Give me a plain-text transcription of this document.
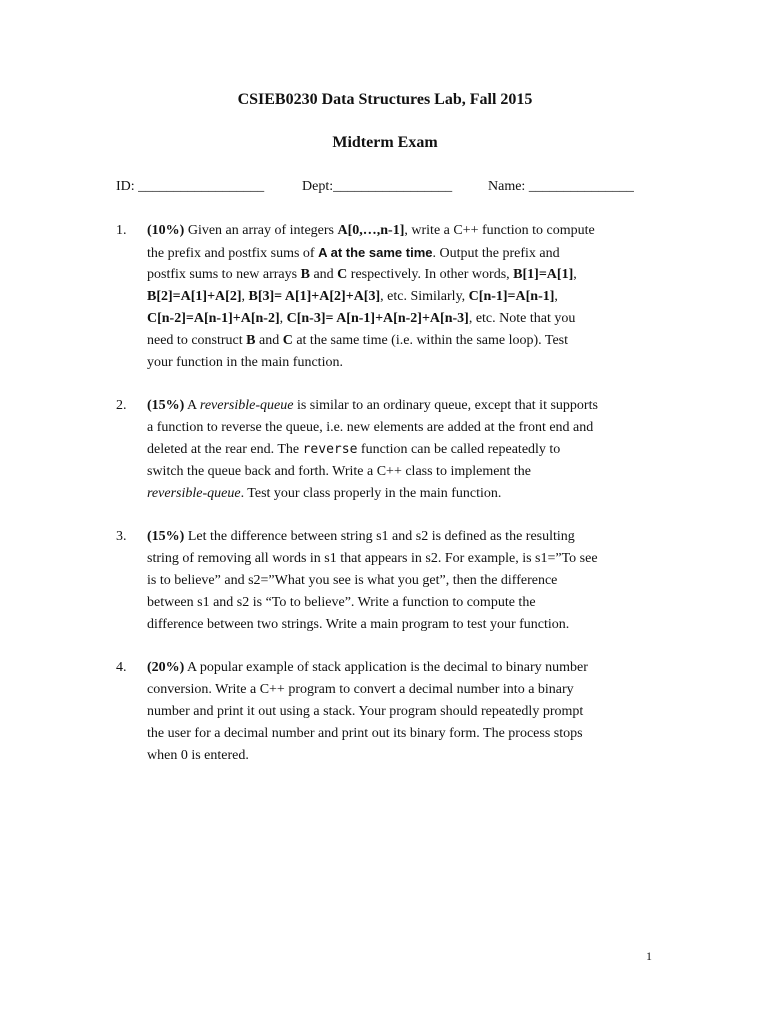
CSIEB0230 Data Structures Lab, Fall 2015
Midterm Exam
ID: __________________	Dept:_________________	Name: _______________
1. (10%) Given an array of integers A[0,…,n-1], write a C++ function to compute
the prefix and postfix sums of A at the same time. Output the prefix and
postfix sums to new arrays B and C respectively. In other words, B[1]=A[1],
B[2]=A[1]+A[2], B[3]= A[1]+A[2]+A[3], etc. Similarly, C[n-1]=A[n-1],
C[n-2]=A[n-1]+A[n-2], C[n-3]= A[n-1]+A[n-2]+A[n-3], etc. Note that you
need to construct B and C at the same time (i.e. within the same loop). Test
your function in the main function.
2. (15%) A reversible-queue is similar to an ordinary queue, except that it supports
a function to reverse the queue, i.e. new elements are added at the front end and
deleted at the rear end. The reverse function can be called repeatedly to
switch the queue back and forth. Write a C++ class to implement the
reversible-queue. Test your class properly in the main function.
3. (15%) Let the difference between string s1 and s2 is defined as the resulting
string of removing all words in s1 that appears in s2. For example, is s1=”To see
is to believe” and s2=”What you see is what you get”, then the difference
between s1 and s2 is “To to believe”. Write a function to compute the
difference between two strings. Write a main program to test your function.
4. (20%) A popular example of stack application is the decimal to binary number
conversion. Write a C++ program to convert a decimal number into a binary
number and print it out using a stack. Your program should repeatedly prompt
the user for a decimal number and print out its binary form. The process stops
when 0 is entered.
1
